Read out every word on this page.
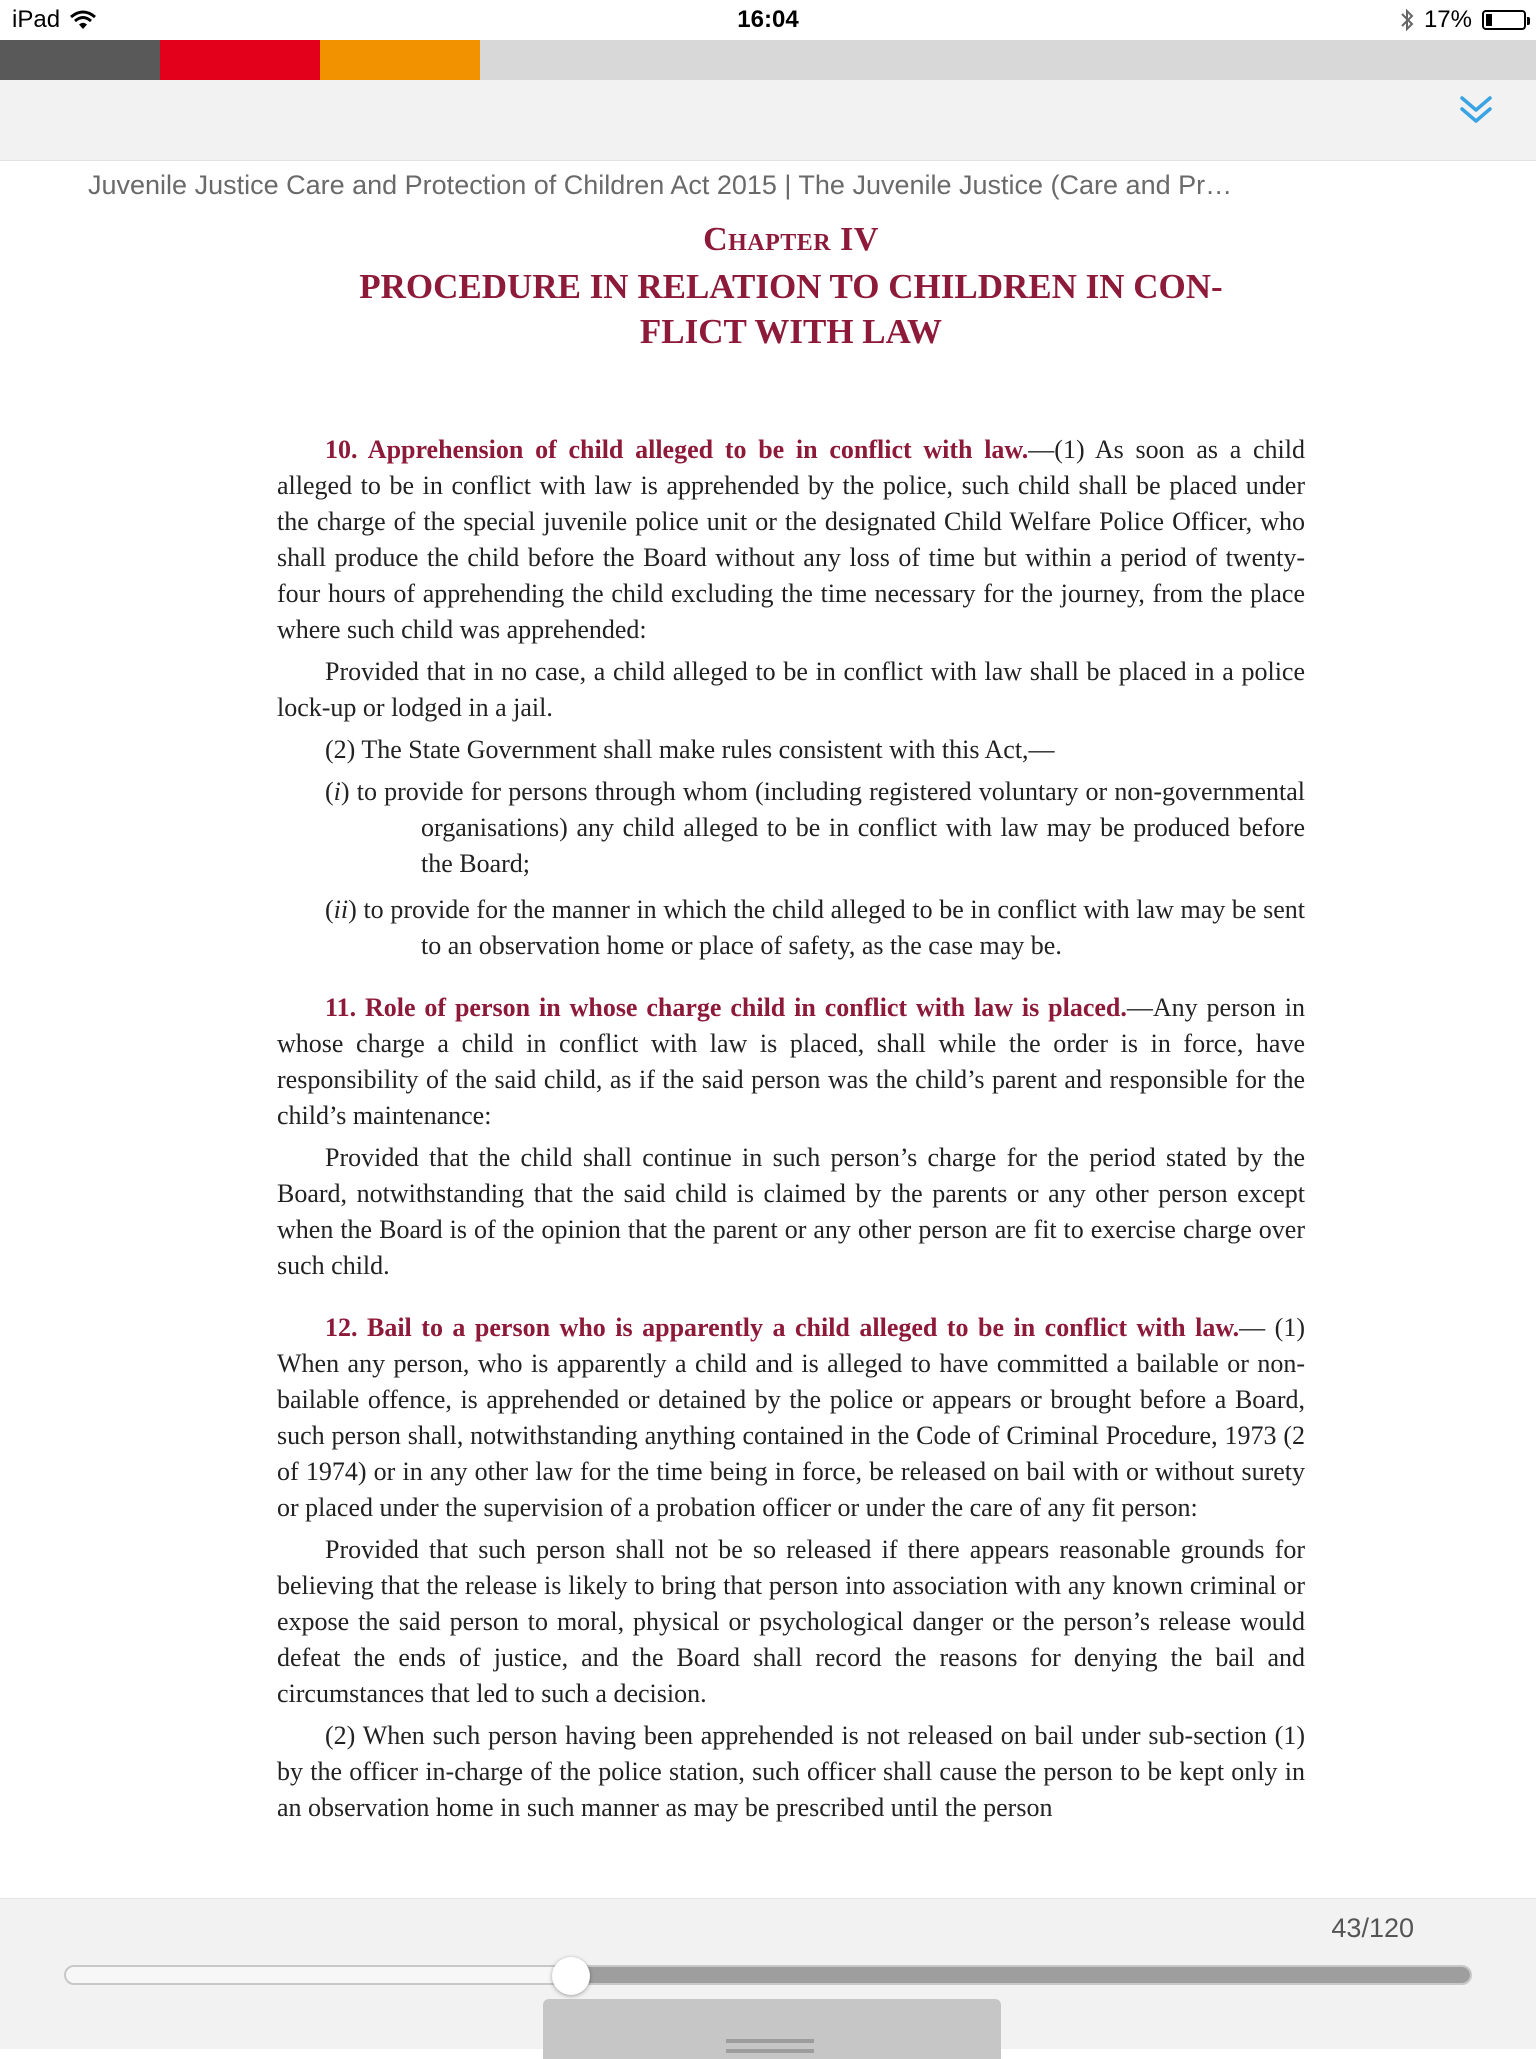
iPad	16:04	17%
Juvenile Justice Care and Protection of Children Act 2015 | The Juvenile Justice (Care and Pr…
Chapter IV
PROCEDURE IN RELATION TO CHILDREN IN CON-FLICT WITH LAW

10. Apprehension of child alleged to be in conflict with law.—(1) As soon as a child alleged to be in conflict with law is apprehended by the police, such child shall be placed under the charge of the special juvenile police unit or the designated Child Welfare Police Officer, who shall produce the child before the Board without any loss of time but within a period of twenty-four hours of apprehending the child excluding the time necessary for the journey, from the place where such child was apprehended:

Provided that in no case, a child alleged to be in conflict with law shall be placed in a police lock-up or lodged in a jail.

(2) The State Government shall make rules consistent with this Act,—

(i) to provide for persons through whom (including registered voluntary or non-governmental organisations) any child alleged to be in conflict with law may be produced before the Board;

(ii) to provide for the manner in which the child alleged to be in conflict with law may be sent to an observation home or place of safety, as the case may be.

11. Role of person in whose charge child in conflict with law is placed.—Any person in whose charge a child in conflict with law is placed, shall while the order is in force, have responsibility of the said child, as if the said person was the child’s parent and responsible for the child’s maintenance:

Provided that the child shall continue in such person’s charge for the period stated by the Board, notwithstanding that the said child is claimed by the parents or any other person except when the Board is of the opinion that the parent or any other person are fit to exercise charge over such child.

12. Bail to a person who is apparently a child alleged to be in conflict with law.— (1) When any person, who is apparently a child and is alleged to have committed a bailable or non-bailable offence, is apprehended or detained by the police or appears or brought before a Board, such person shall, notwithstanding anything contained in the Code of Criminal Procedure, 1973 (2 of 1974) or in any other law for the time being in force, be released on bail with or without surety or placed under the supervision of a probation officer or under the care of any fit person:

Provided that such person shall not be so released if there appears reasonable grounds for believing that the release is likely to bring that person into association with any known criminal or expose the said person to moral, physical or psychological danger or the person’s release would defeat the ends of justice, and the Board shall record the reasons for denying the bail and circumstances that led to such a decision.

(2) When such person having been apprehended is not released on bail under sub-section (1) by the officer in-charge of the police station, such officer shall cause the person to be kept only in an observation home in such manner as may be prescribed until the person

43/120
